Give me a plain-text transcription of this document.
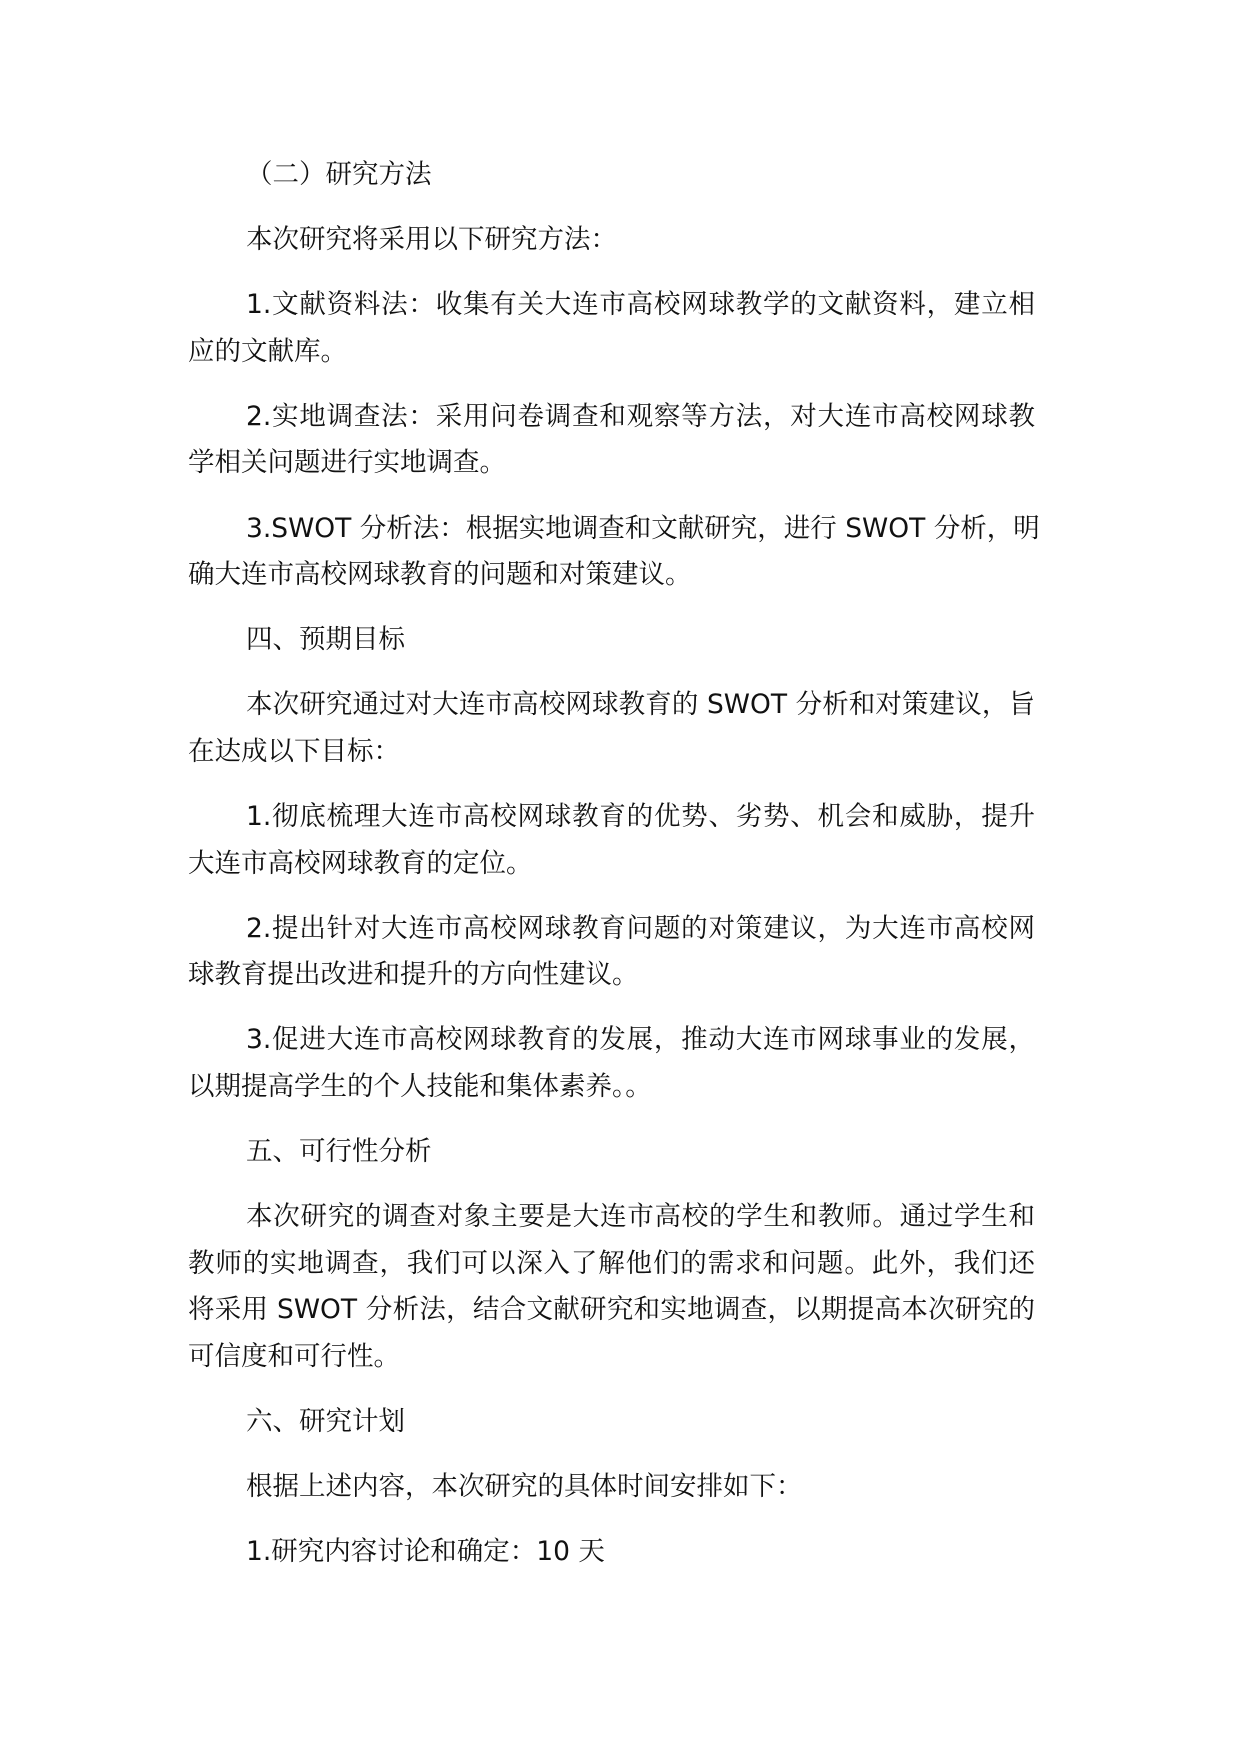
（二）研究方法
本次研究将采用以下研究方法：
1.文献资料法：收集有关大连市高校网球教学的文献资料，建立相
应的文献库。
2.实地调查法：采用问卷调查和观察等方法，对大连市高校网球教
学相关问题进行实地调查。
3.SWOT 分析法：根据实地调查和文献研究，进行 SWOT 分析，明
确大连市高校网球教育的问题和对策建议。
四、预期目标
本次研究通过对大连市高校网球教育的 SWOT 分析和对策建议，旨
在达成以下目标：
1.彻底梳理大连市高校网球教育的优势、劣势、机会和威胁，提升
大连市高校网球教育的定位。
2.提出针对大连市高校网球教育问题的对策建议，为大连市高校网
球教育提出改进和提升的方向性建议。
3.促进大连市高校网球教育的发展，推动大连市网球事业的发展，
以期提高学生的个人技能和集体素养。。
五、可行性分析
本次研究的调查对象主要是大连市高校的学生和教师。通过学生和
教师的实地调查，我们可以深入了解他们的需求和问题。此外，我们还
将采用 SWOT 分析法，结合文献研究和实地调查，以期提高本次研究的
可信度和可行性。
六、研究计划
根据上述内容，本次研究的具体时间安排如下：
1.研究内容讨论和确定：10 天
